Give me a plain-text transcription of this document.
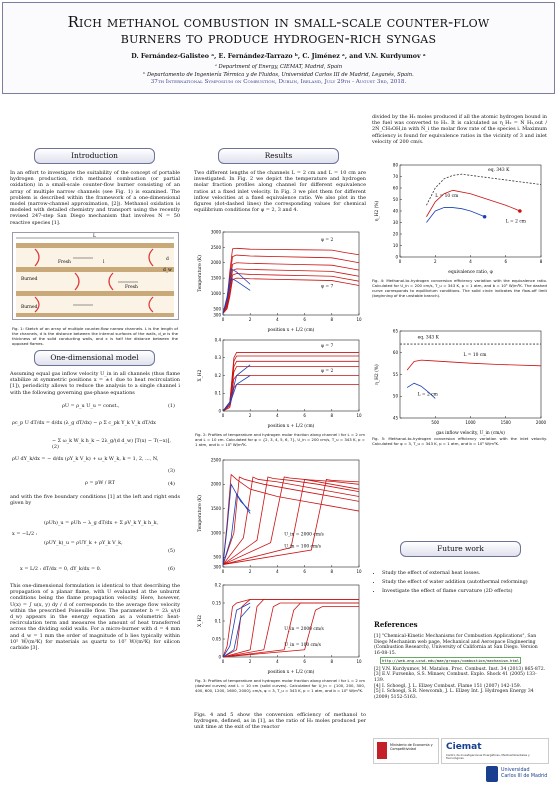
Rich methanol combustion in small-scale counter-flow
burners to produce hydrogen-rich syngas
D. Fernández-Galisteo ᵃ, E. Fernández-Tarrazo ᵇ, C. Jiménez ᵃ, and V.N. Kurdyumov ᵃ
ᵃ Department of Energy, CIEMAT, Madrid, Spain
ᵇ Departamento de Ingeniería Térmica y de Fluidos, Universidad Carlos III de Madrid, Leganés, Spain.
37th International Symposium on Combustion, Dublin, Ireland, July 29th - August 3rd, 2018.
Introduction
In an effort to investigate the suitability of the concept of portable hydrogen production, rich methanol combustion (or partial oxidation) in a small-scale counter-flow burner consisting of an array of multiple narrow channels (see Fig. 1) is examined. The problem is described within the framework of a one-dimensional model (narrow-channel approximation, [2]). Methanol oxidation is modeled with detailed chemistry and transport using the recently revised 247-step San Diego mechanism that involves N = 50 reactive species [1].
Burned
Burned
Fresh
Fresh
l
d
d_w
L
Fig. 1: Sketch of an array of multiple counter-flow narrow channels. L is the length of the channels, d is the distance between the internal surfaces of the walls, d_w is the thickness of the solid conducting walls, and x is half the distance between the opposed flames.
One-dimensional model
Assuming equal gas inflow velocity U_in in all channels (thus flame stabilize at symmetric positions x = ±ℓ due to heat recirculation [1]), periodicity allows to reduce the analysis to a single channel i with the following governing gas-phase equations
ρU = ρ_u U_u = const.,	(1)
ρc_p U dT/dx = d/dx (λ_g dT/dx) − ρ Σ c_pk Y_k V_k dT/dx
− Σ ω_k W_k h_k − 2λ_g/(d d_w) [T(x) − T(−x)], (2)
ρU dY_k/dx = − d/dx (ρY_k V_k) + ω_k W_k, k = 1, 2, ..., N,
(3)
ρ = pW / RT	(4)
and with the five boundary conditions [1] at the left and right ends given by
x = −L/2 :
(ρUh)_u = ρUh − λ_g dT/dx + Σ ρV_k Y_k h_k,
(ρUY_k)_u = ρUY_k + ρY_k V_k,
(5)
x = L/2 : dT/dx = 0, dY_k/dx = 0.	(6)
This one-dimensional formulation is identical to that describing the propagation of a planar flame, with U evaluated at the unburnt conditions being the flame propagation velocity. Here, however, U(x) = ∫ u(x, y) dy / d of corresponds to the average flow velocity within the prescribed Poiseuille flow. The parameter b = 2λ_s/(d d_w) appears in the energy equation as a volumetric heat-recirculation term and measures the amount of heat transferred across the dividing solid walls. For a micro-burner with d = 4 mm and d_w = 1 mm the order of magnitude of b lies typically within 10⁵ W/(m³K) for materials as quartz to 10⁷ W/(m³K) for silicon carbide [3].
Results
Two different lengths of the channels L = 2 cm and L = 10 cm are investigated. In Fig. 2 we depict the temperature and hydrogen molar fraction profiles along channel for different equivalence ratios at a fixed inlet velocity. In Fig. 3 we plot them for different inflow velocities at a fixed equivalence ratio. We also plot in the figures (dot-dashed lines) the corresponding values for chemical equilibrium conditions for φ = 2, 3 and 4.
0	2	4	6	8	10
300
500
1000
1500
2000
2500
3000
position x + L/2 (cm)
Temperature (K)
φ = 2
φ = 7
0	2	4	6	8	10
0
0.1
0.2
0.3
0.4
position x + L/2 (cm)
X_H2
φ = 7
φ = 2
Fig. 2: Profiles of temperature and hydrogen molar fraction along channel i for L = 2 cm and L = 10 cm. Calculated for φ = {2, 3, 4, 5, 6, 7}, U_in = 200 cm/s, T_u = 343 K, p = 1 atm, and b = 10⁵ W/m³K.
0	2	4	6	8	10
300
500
1000
1500
2000
2500
Temperature (K)
U_in = 2000 cm/s
U_in = 100 cm/s
0	2	4	6	8	10
0
0.05
0.1
0.15
0.2
position x + L/2 (cm)
X_H2
U_in = 2000 cm/s
U_in = 100 cm/s
Fig. 3: Profiles of temperature and hydrogen molar fraction along channel i for L = 2 cm (dashed curves) and L = 10 cm (solid curves). Calculated for U_in = {100, 200, 300, 400, 600, 1200, 1600, 2000} cm/s, φ = 3, T_u = 343 K, p = 1 atm, and b = 10⁵ W/m³K.
Figs. 4 and 5 show the conversion efficiency of methanol to hydrogen, defined, as in [1], as the ratio of H₂ moles produced per unit time at the exit of the reactor
divided by the H₂ moles produced if all the atomic hydrogen bound in the fuel was converted to H₂. It is calculated as η_H₂ = Ṅ_H₂,out / 2Ṅ_CH₃OH,in with Ṅ_i the molar flow rate of the species i. Maximum efficiency is found for equivalence ratios in the vicinity of 3 and inlet velocity of 200 cm/s.
0	2	4	6	8
0
10
20
30
40
50
60
70
80
equivalence ratio, φ
η_H2 (%)
eq. 343 K
L = 10 cm
L = 2 cm
Fig. 4: Methanol-to-hydrogen conversion efficiency variation with the equivalence ratio. Calculated for U_in = 200 cm/s, T_u = 343 K, p = 1 atm, and b = 10⁵ W/m³K. The dashed curve corresponds to equilibrium conditions. The solid circle indicates the flow-off limit (beginning of the unstable branch).
500	1000	1500	2000
45
50
55
60
65
gas inflow velocity, U_in (cm/s)
η_H2 (%)
eq. 343 K
L = 10 cm
L = 2 cm
Fig. 5: Methanol-to-hydrogen conversion efficiency variation with the inlet velocity. Calculated for φ = 3, T_u = 343 K, p = 1 atm, and b = 10⁵ W/m³K.
Future work
• Study the effect of external heat losses.
• Study the effect of water addition (autothermal reforming)
• Investigate the effect of flame curvature (2D effects)
References
[1] "Chemical-Kinetic Mechanisms for Combustion Applications", San Diego Mechanism web page, Mechanical and Aerospace Engineering (Combustion Research), University of California at San Diego. Version 16-08-15.
http://web.eng.ucsd.edu/mae/groups/combustion/mechanism.html
[2] V.N. Kurdyumov, M. Matalon. Proc. Combust. Inst. 34 (2013) 865-872.
[3] E.V. Fursenko, S.S. Minaev, Combust. Explo. Shock 41 (2005) 133-139.
[4] I. Schoegl, J. L. Ellzey Combust. Flame 151 (2007) 142-159.
[5] I. Schoegl, S.R. Newcomb, J. L. Ellzey Int. J. Hydrogen Energy 34 (2009) 5152-5163.
Ministerio de Economía y Competitividad	Ciemat
Centro de Investigaciones Energéticas, Medioambientales y Tecnológicas
Universidad
Carlos III de Madrid
